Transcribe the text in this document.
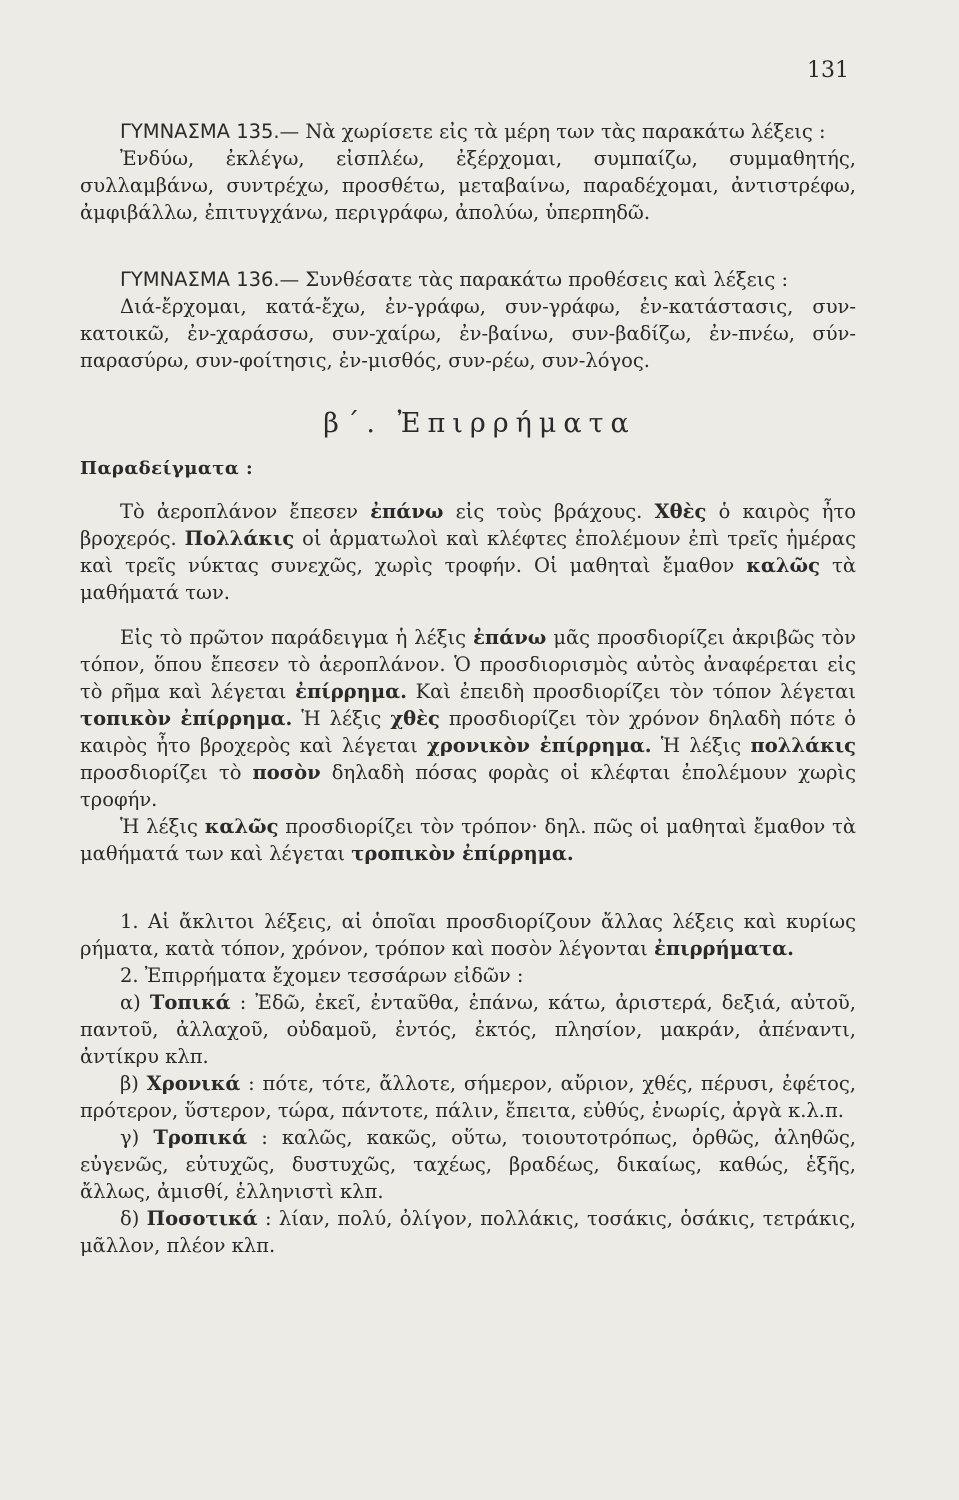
131

ΓΥΜΝΑΣΜΑ 135.— Νὰ χωρίσετε εἰς τὰ μέρη των τὰς παρακάτω λέξεις :

Ἐνδύω, ἐκλέγω, εἰσπλέω, ἐξέρχομαι, συμπαίζω, συμμαθητής, συλλαμβάνω, συντρέχω, προσθέτω, μεταβαίνω, παραδέχομαι, ἀντιστρέφω, ἀμφιβάλλω, ἐπιτυγχάνω, περιγράφω, ἀπολύω, ὑπερπηδῶ.

ΓΥΜΝΑΣΜΑ 136.— Συνθέσατε τὰς παρακάτω προθέσεις καὶ λέξεις :

Διά-ἔρχομαι, κατά-ἔχω, ἐν-γράφω, συν-γράφω, ἐν-κατάστασις, συν-κατοικῶ, ἐν-χαράσσω, συν-χαίρω, ἐν-βαίνω, συν-βαδίζω, ἐν-πνέω, σύν-παρασύρω, συν-φοίτησις, ἐν-μισθός, συν-ρέω, συν-λόγος.

β΄. Ἐπιρρήματα
Παραδείγματα :

Τὸ ἀεροπλάνον ἔπεσεν ἐπάνω εἰς τοὺς βράχους. Χθὲς ὁ καιρὸς ἦτο βροχερός. Πολλάκις οἱ ἁρματωλοὶ καὶ κλέφτες ἐπολέμουν ἐπὶ τρεῖς ἡμέρας καὶ τρεῖς νύκτας συνεχῶς, χωρὶς τροφήν. Οἱ μαθηταὶ ἔμαθον καλῶς τὰ μαθήματά των.

Εἰς τὸ πρῶτον παράδειγμα ἡ λέξις ἐπάνω μᾶς προσδιορίζει ἀκριβῶς τὸν τόπον, ὅπου ἔπεσεν τὸ ἀεροπλάνον. Ὁ προσδιορισμὸς αὐτὸς ἀναφέρεται εἰς τὸ ρῆμα καὶ λέγεται ἐπίρρημα. Καὶ ἐπειδὴ προσδιορίζει τὸν τόπον λέγεται τοπικὸν ἐπίρρημα. Ἡ λέξις χθὲς προσδιορίζει τὸν χρόνον δηλαδὴ πότε ὁ καιρὸς ἦτο βροχερὸς καὶ λέγεται χρονικὸν ἐπίρρημα. Ἡ λέξις πολλάκις προσδιορίζει τὸ ποσὸν δηλαδὴ πόσας φορὰς οἱ κλέφται ἐπολέμουν χωρὶς τροφήν.

Ἡ λέξις καλῶς προσδιορίζει τὸν τρόπον· δηλ. πῶς οἱ μαθηταὶ ἔμαθον τὰ μαθήματά των καὶ λέγεται τροπικὸν ἐπίρρημα.

1. Αἱ ἄκλιτοι λέξεις, αἱ ὁποῖαι προσδιορίζουν ἄλλας λέξεις καὶ κυρίως ρήματα, κατὰ τόπον, χρόνον, τρόπον καὶ ποσὸν λέγονται ἐπιρρήματα.

2. Ἐπιρρήματα ἔχομεν τεσσάρων εἰδῶν :

α) Τοπικά : Ἐδῶ, ἐκεῖ, ἐνταῦθα, ἐπάνω, κάτω, ἀριστερά, δεξιά, αὐτοῦ, παντοῦ, ἀλλαχοῦ, οὐδαμοῦ, ἐντός, ἐκτός, πλησίον, μακράν, ἀπέναντι, ἀντίκρυ κλπ.

β) Χρονικά : πότε, τότε, ἄλλοτε, σήμερον, αὔριον, χθές, πέρυσι, ἐφέτος, πρότερον, ὕστερον, τώρα, πάντοτε, πάλιν, ἔπειτα, εὐθύς, ἐνωρίς, ἀργὰ κ.λ.π.

γ) Τροπικά : καλῶς, κακῶς, οὕτω, τοιουτοτρόπως, ὀρθῶς, ἀληθῶς, εὐγενῶς, εὐτυχῶς, δυστυχῶς, ταχέως, βραδέως, δικαίως, καθώς, ἑξῆς, ἄλλως, ἀμισθί, ἑλληνιστὶ κλπ.

δ) Ποσοτικά : λίαν, πολύ, ὀλίγον, πολλάκις, τοσάκις, ὁσάκις, τετράκις, μᾶλλον, πλέον κλπ.
